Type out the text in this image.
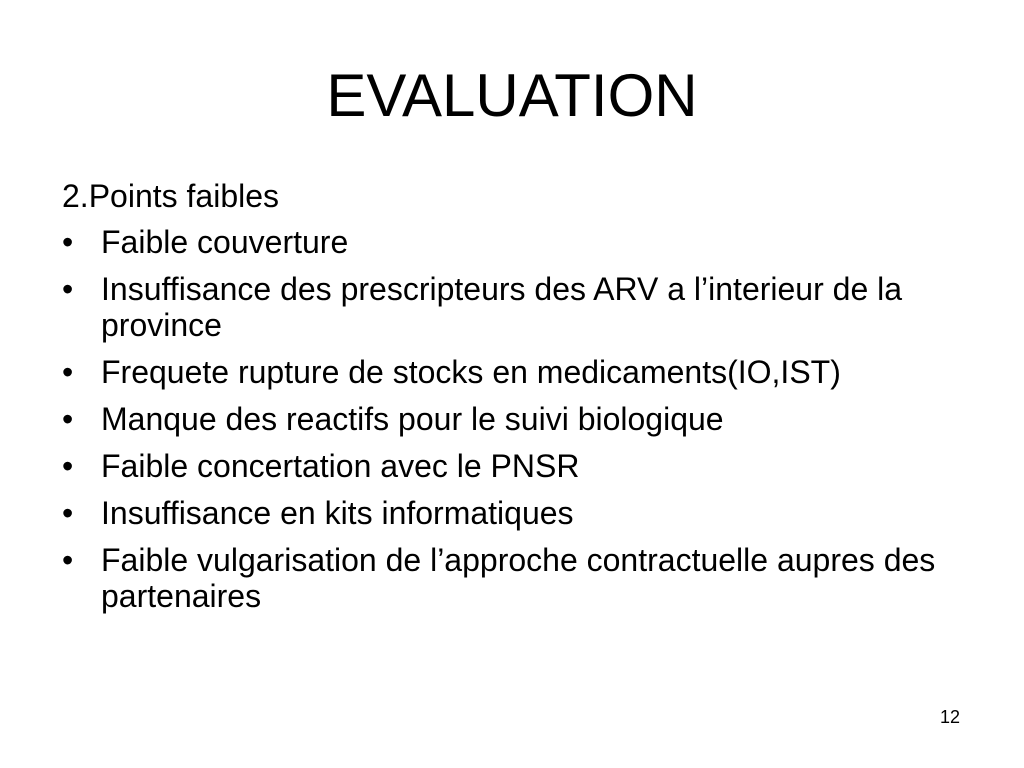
EVALUATION
2.Points faibles
• Faible couverture
• Insuffisance des prescripteurs des ARV a l’interieur de la province
• Frequete rupture de stocks en medicaments(IO,IST)
• Manque des reactifs pour le suivi biologique
• Faible concertation avec le PNSR
• Insuffisance en kits informatiques
• Faible vulgarisation de l’approche contractuelle aupres des partenaires
12
